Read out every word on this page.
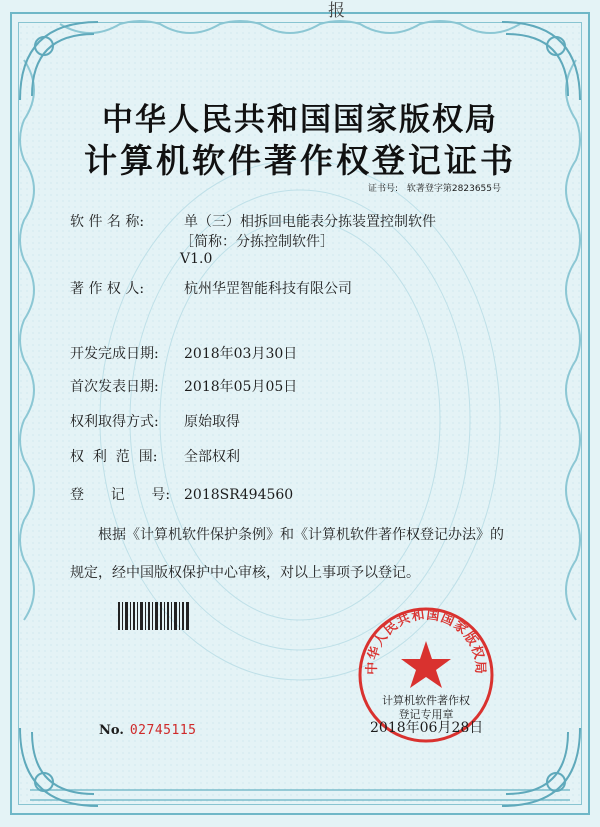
报
中华人民共和国国家版权局
计算机软件著作权登记证书
证书号: 软著登字第2823655号
软 件 名 称:	单（三）相拆回电能表分拣装置控制软件
［简称：分拣控制软件］
V1.0
著 作 权 人:	杭州华罡智能科技有限公司
开发完成日期: 2018年03月30日
首次发表日期: 2018年05月05日
权利取得方式: 原始取得
权  利  范  围: 全部权利
登      记      号: 2018SR494560
根据《计算机软件保护条例》和《计算机软件著作权登记办法》的
规定，经中国版权保护中心审核，对以上事项予以登记。
No. 02745115
中华人民共和国国家版权局
计算机软件著作权
登记专用章
2018年06月28日
